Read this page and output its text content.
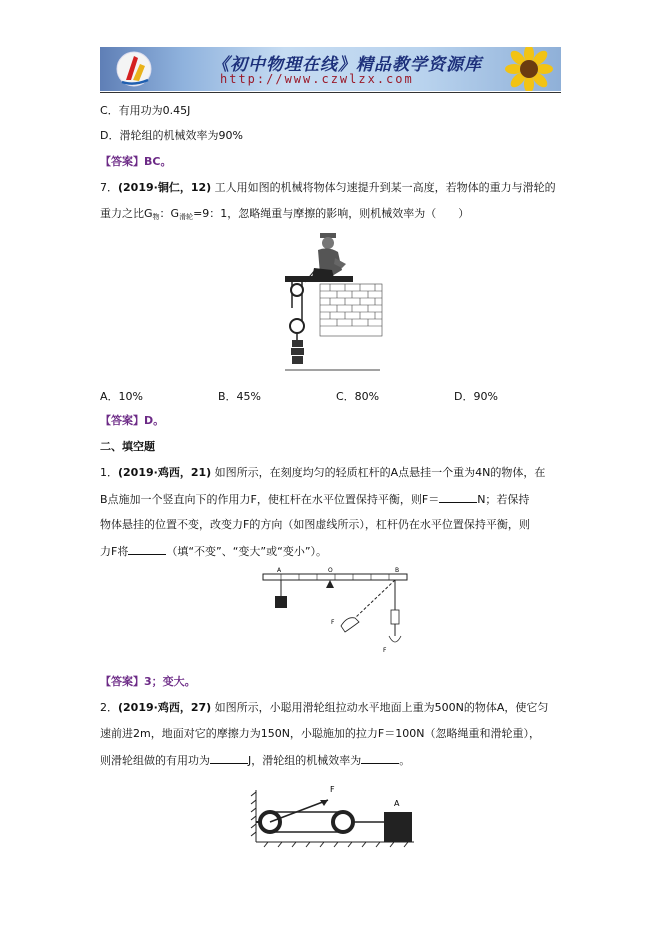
《初中物理在线》精品教学资源库
http://www.czwlzx.com
C．有用功为0.45J
D．滑轮组的机械效率为90%
【答案】BC。
7．(2019·铜仁，12) 工人用如图的机械将物体匀速提升到某一高度，若物体的重力与滑轮的
重力之比$G_物$：$G_{滑轮}=9$：1，忽略绳重与摩擦的影响，则机械效率为（　　）
A．10%	B．45%	C．80%	D．90%
【答案】D。
二、填空题
1．(2019·鸡西，21) 如图所示，在刻度均匀的轻质杠杆的A点悬挂一个重为4N的物体，在
B点施加一个竖直向下的作用力F，使杠杆在水平位置保持平衡，则F＝	N；若保持
物体悬挂的位置不变，改变力F的方向（如图虚线所示），杠杆仍在水平位置保持平衡，则
力F将	（填“不变”、“变大”或“变小”）。
A	O	B
F
F
【答案】3；变大。
2．(2019·鸡西，27) 如图所示，小聪用滑轮组拉动水平地面上重为500N的物体A，使它匀
速前进2m，地面对它的摩擦力为150N，小聪施加的拉力F＝100N（忽略绳重和滑轮重），
则滑轮组做的有用功为	J，滑轮组的机械效率为	。
F
A
